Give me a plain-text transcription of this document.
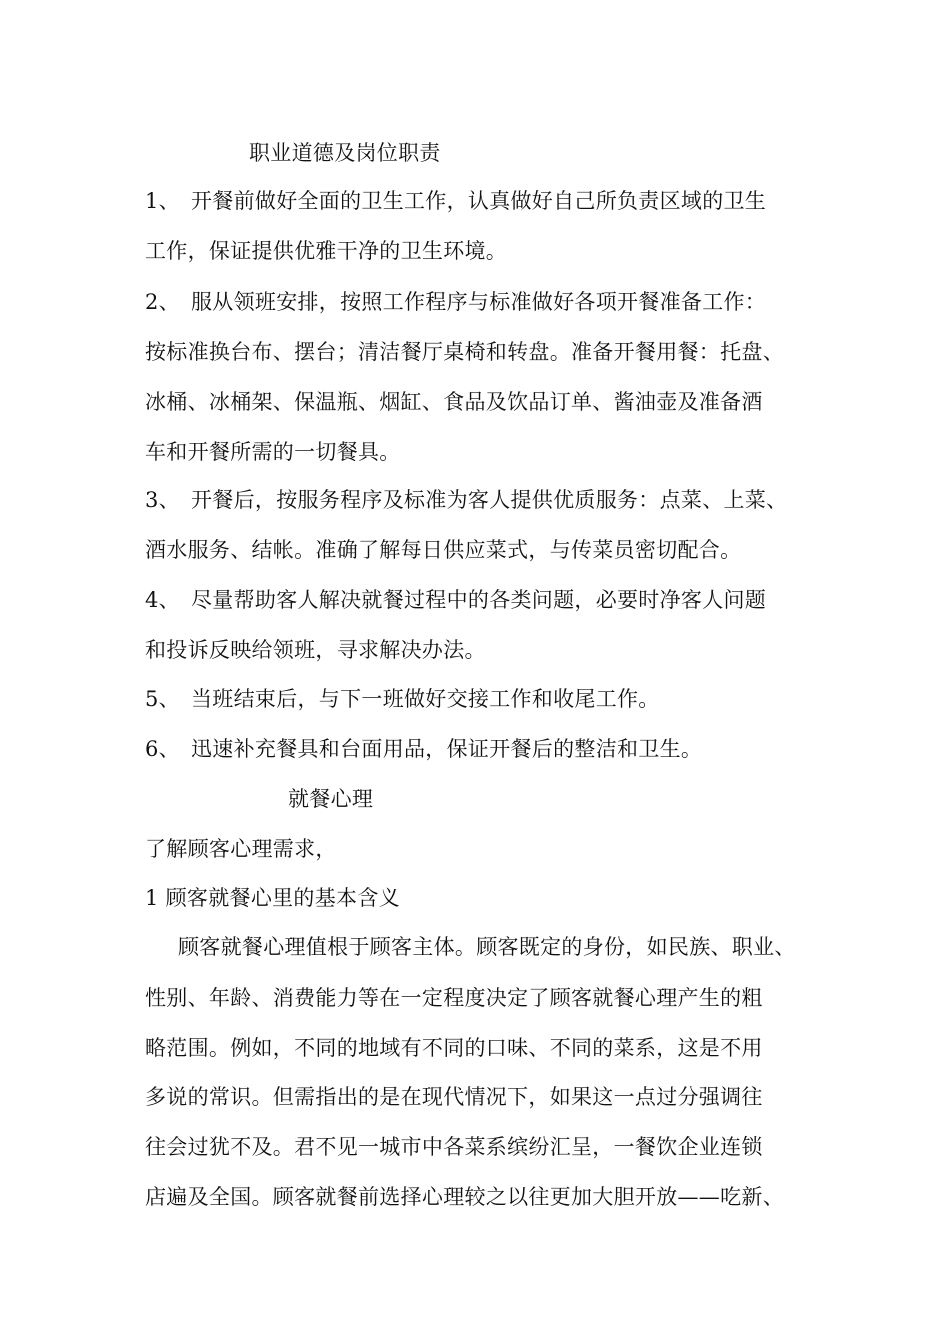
职业道德及岗位职责
1、 开餐前做好全面的卫生工作，认真做好自己所负责区域的卫生
工作，保证提供优雅干净的卫生环境。
2、 服从领班安排，按照工作程序与标准做好各项开餐准备工作：
按标准换台布、摆台；清洁餐厅桌椅和转盘。准备开餐用餐：托盘、
冰桶、冰桶架、保温瓶、烟缸、食品及饮品订单、酱油壶及准备酒
车和开餐所需的一切餐具。
3、 开餐后，按服务程序及标准为客人提供优质服务：点菜、上菜、
酒水服务、结帐。准确了解每日供应菜式，与传菜员密切配合。
4、 尽量帮助客人解决就餐过程中的各类问题，必要时净客人问题
和投诉反映给领班，寻求解决办法。
5、 当班结束后，与下一班做好交接工作和收尾工作。
6、 迅速补充餐具和台面用品，保证开餐后的整洁和卫生。
就餐心理
了解顾客心理需求，
1 顾客就餐心里的基本含义
顾客就餐心理值根于顾客主体。顾客既定的身份，如民族、职业、
性别、年龄、消费能力等在一定程度决定了顾客就餐心理产生的粗
略范围。例如，不同的地域有不同的口味、不同的菜系，这是不用
多说的常识。但需指出的是在现代情况下，如果这一点过分强调往
往会过犹不及。君不见一城市中各菜系缤纷汇呈，一餐饮企业连锁
店遍及全国。顾客就餐前选择心理较之以往更加大胆开放——吃新、
